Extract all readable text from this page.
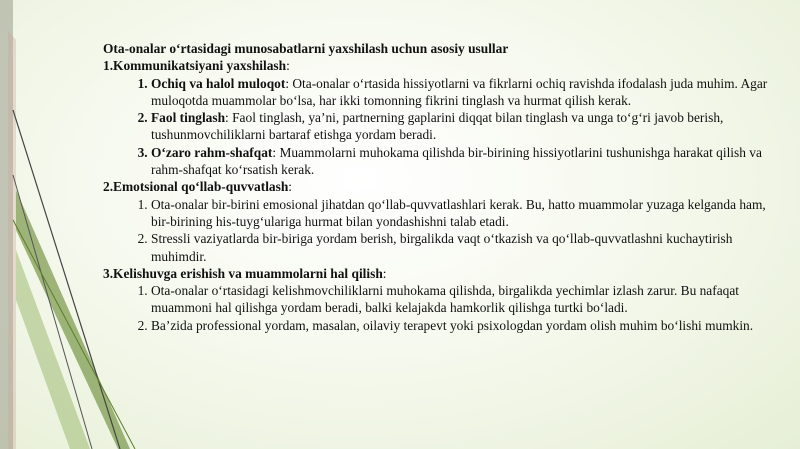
Ota-onalar o‘rtasidagi munosabatlarni yaxshilash uchun asosiy usullar
1.Kommunikatsiyani yaxshilash:
1. Ochiq va halol muloqot: Ota-onalar o‘rtasida hissiyotlarni va fikrlarni ochiq ravishda ifodalash juda muhim. Agar muloqotda muammolar bo‘lsa, har ikki tomonning fikrini tinglash va hurmat qilish kerak.
2. Faol tinglash: Faol tinglash, ya’ni, partnerning gaplarini diqqat bilan tinglash va unga to‘g‘ri javob berish, tushunmovchiliklarni bartaraf etishga yordam beradi.
3. O‘zaro rahm-shafqat: Muammolarni muhokama qilishda bir-birining hissiyotlarini tushunishga harakat qilish va rahm-shafqat ko‘rsatish kerak.
2.Emotsional qo‘llab-quvvatlash:
1. Ota-onalar bir-birini emosional jihatdan qo‘llab-quvvatlashlari kerak. Bu, hatto muammolar yuzaga kelganda ham, bir-birining his-tuyg‘ulariga hurmat bilan yondashishni talab etadi.
2. Stressli vaziyatlarda bir-biriga yordam berish, birgalikda vaqt o‘tkazish va qo‘llab-quvvatlashni kuchaytirish muhimdir.
3.Kelishuvga erishish va muammolarni hal qilish:
1. Ota-onalar o‘rtasidagi kelishmovchiliklarni muhokama qilishda, birgalikda yechimlar izlash zarur. Bu nafaqat muammoni hal qilishga yordam beradi, balki kelajakda hamkorlik qilishga turtki bo‘ladi.
2. Ba’zida professional yordam, masalan, oilaviy terapevt yoki psixologdan yordam olish muhim bo‘lishi mumkin.
